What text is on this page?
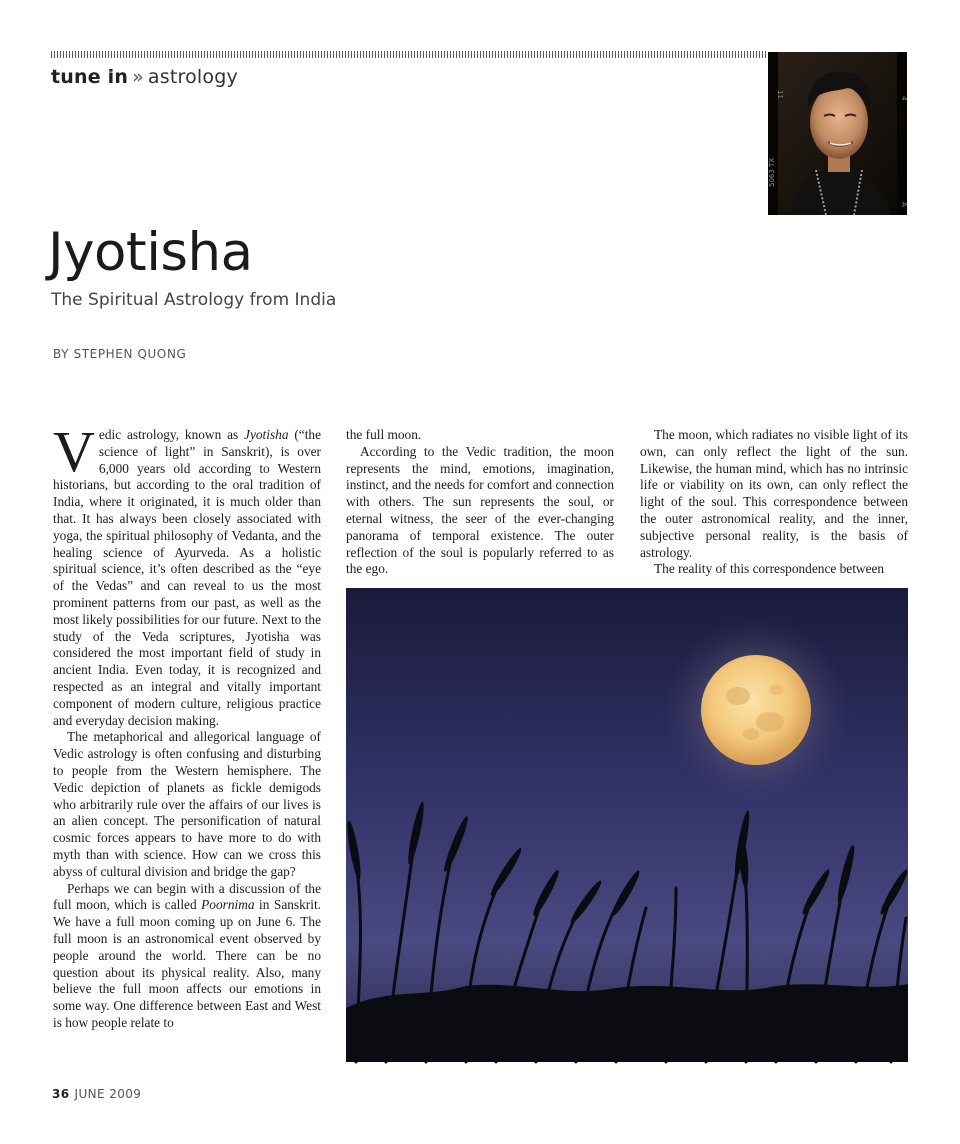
tune in » astrology
5063 TX
11	4
A
Jyotisha

The Spiritual Astrology from India

BY STEPHEN QUONG

Vedic astrology, known as Jyotisha (“the science of light” in Sanskrit), is over 6,000 years old according to Western historians, but according to the oral tradition of India, where it originated, it is much older than that. It has always been closely associated with yoga, the spiritual philosophy of Vedanta, and the healing science of Ayurveda. As a holistic spiritual science, it’s often described as the “eye of the Vedas” and can reveal to us the most prominent patterns from our past, as well as the most likely possibilities for our future. Next to the study of the Veda scriptures, Jyotisha was considered the most important field of study in ancient India. Even today, it is recognized and respected as an integral and vitally important component of modern culture, religious practice and everyday decision making.

The metaphorical and allegorical language of Vedic astrology is often confusing and disturbing to people from the Western hemisphere. The Vedic depiction of planets as fickle demigods who arbitrarily rule over the affairs of our lives is an alien concept. The personification of natural cosmic forces appears to have more to do with myth than with science. How can we cross this abyss of cultural division and bridge the gap?

Perhaps we can begin with a discussion of the full moon, which is called Poornima in Sanskrit. We have a full moon coming up on June 6. The full moon is an astronomical event observed by people around the world. There can be no question about its physical reality. Also, many believe the full moon affects our emotions in some way. One difference between East and West is how people relate to

the full moon.

According to the Vedic tradition, the moon represents the mind, emotions, imagination, instinct, and the needs for comfort and connection with others. The sun represents the soul, or eternal witness, the seer of the ever-changing panorama of temporal existence. The outer reflection of the soul is popularly referred to as the ego.

The moon, which radiates no visible light of its own, can only reflect the light of the sun. Likewise, the human mind, which has no intrinsic life or viability on its own, can only reflect the light of the soul. This correspondence between the outer astronomical reality, and the inner, subjective personal reality, is the basis of astrology.

The reality of this correspondence between

36 JUNE 2009
